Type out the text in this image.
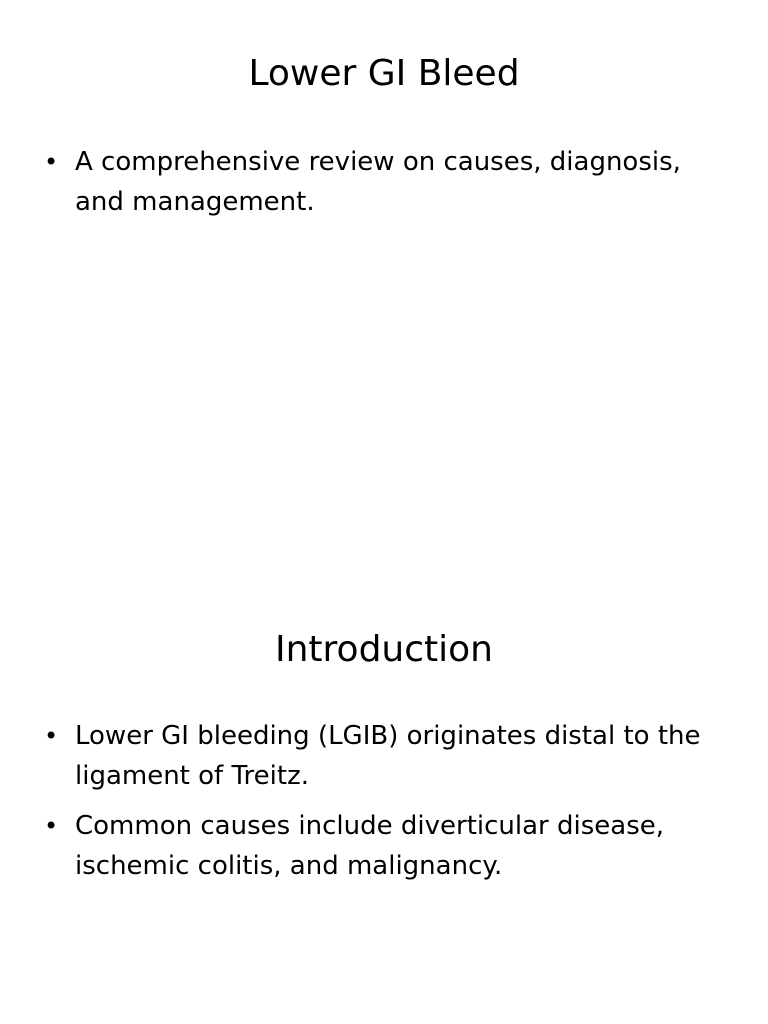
Lower GI Bleed
• A comprehensive review on causes, diagnosis, and management.
Introduction
• Lower GI bleeding (LGIB) originates distal to the ligament of Treitz.
• Common causes include diverticular disease, ischemic colitis, and malignancy.
